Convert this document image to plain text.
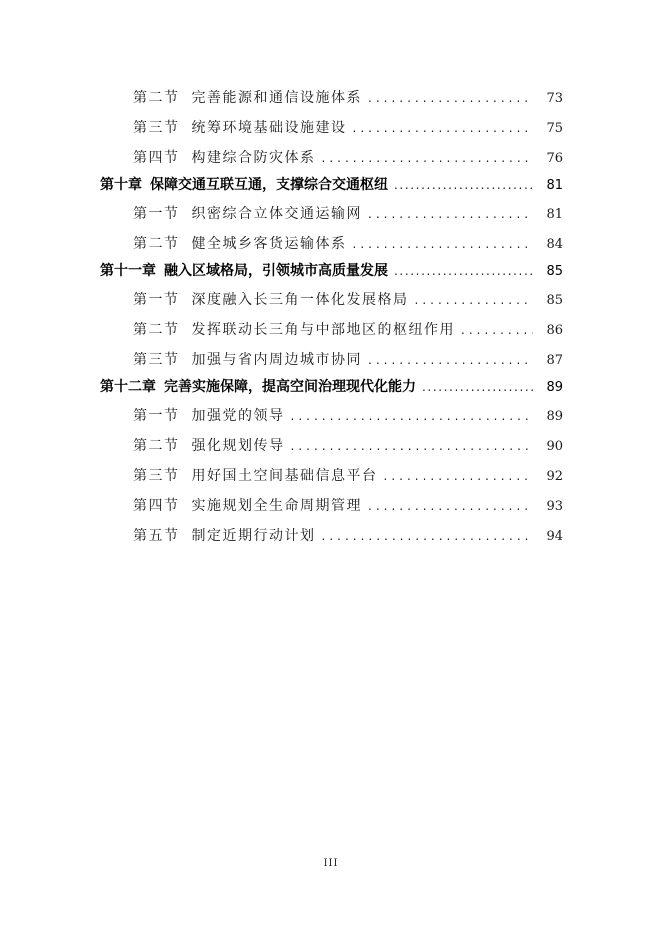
第二节 完善能源和通信设施体系 .....	73
第三节 统筹环境基础设施建设 .....	75
第四节 构建综合防灾体系 .....	76
第十章 保障交通互联互通，支撑综合交通枢纽 .....	81
第一节 织密综合立体交通运输网 .....	81
第二节 健全城乡客货运输体系 .....	84
第十一章 融入区域格局，引领城市高质量发展 .....	85
第一节 深度融入长三角一体化发展格局 .....	85
第二节 发挥联动长三角与中部地区的枢纽作用 .....	86
第三节 加强与省内周边城市协同 .....	87
第十二章 完善实施保障，提高空间治理现代化能力 .....	89
第一节 加强党的领导 .....	89
第二节 强化规划传导 .....	90
第三节 用好国土空间基础信息平台 .....	92
第四节 实施规划全生命周期管理 .....	93
第五节 制定近期行动计划 .....	94
III
